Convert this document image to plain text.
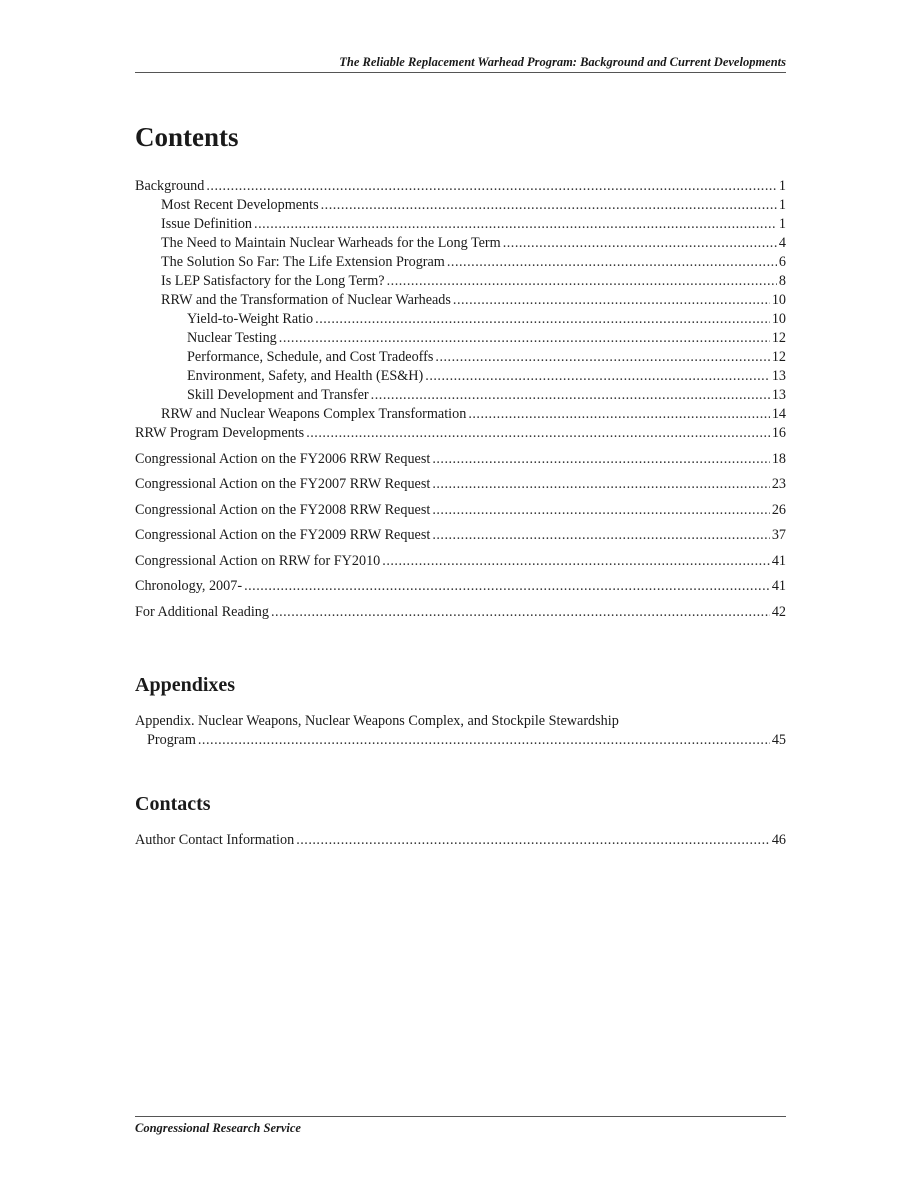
The Reliable Replacement Warhead Program: Background and Current Developments
Contents
Background .....	1
Most Recent Developments .....	1
Issue Definition .....	1
The Need to Maintain Nuclear Warheads for the Long Term .....	4
The Solution So Far: The Life Extension Program .....	6
Is LEP Satisfactory for the Long Term? .....	8
RRW and the Transformation of Nuclear Warheads .....	10
Yield-to-Weight Ratio .....	10
Nuclear Testing .....	12
Performance, Schedule, and Cost Tradeoffs .....	12
Environment, Safety, and Health (ES&H) .....	13
Skill Development and Transfer .....	13
RRW and Nuclear Weapons Complex Transformation .....	14
RRW Program Developments .....	16
Congressional Action on the FY2006 RRW Request .....	18
Congressional Action on the FY2007 RRW Request .....	23
Congressional Action on the FY2008 RRW Request .....	26
Congressional Action on the FY2009 RRW Request .....	37
Congressional Action on RRW for FY2010 .....	41
Chronology, 2007- .....	41
For Additional Reading .....	42
Appendixes
Appendix. Nuclear Weapons, Nuclear Weapons Complex, and Stockpile Stewardship
Program .....	45
Contacts
Author Contact Information .....	46
Congressional Research Service
